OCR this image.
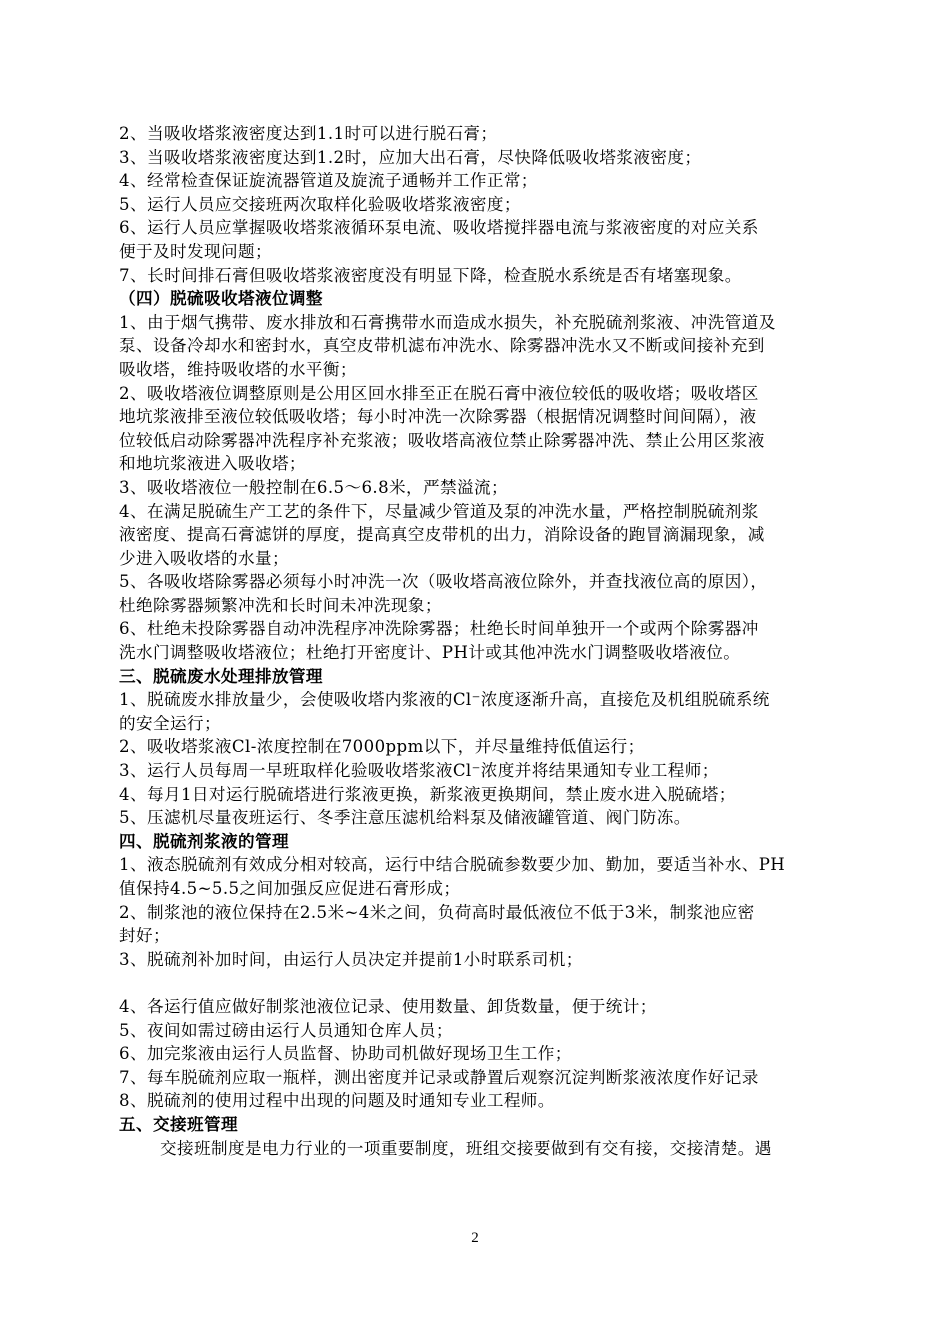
2、当吸收塔浆液密度达到1.1时可以进行脱石膏；
3、当吸收塔浆液密度达到1.2时，应加大出石膏，尽快降低吸收塔浆液密度；
4、经常检查保证旋流器管道及旋流子通畅并工作正常；
5、运行人员应交接班两次取样化验吸收塔浆液密度；
6、运行人员应掌握吸收塔浆液循环泵电流、吸收塔搅拌器电流与浆液密度的对应关系
便于及时发现问题；
7、长时间排石膏但吸收塔浆液密度没有明显下降，检查脱水系统是否有堵塞现象。
（四）脱硫吸收塔液位调整
1、由于烟气携带、废水排放和石膏携带水而造成水损失，补充脱硫剂浆液、冲洗管道及
泵、设备冷却水和密封水，真空皮带机滤布冲洗水、除雾器冲洗水又不断或间接补充到
吸收塔，维持吸收塔的水平衡；
2、吸收塔液位调整原则是公用区回水排至正在脱石膏中液位较低的吸收塔；吸收塔区
地坑浆液排至液位较低吸收塔；每小时冲洗一次除雾器（根据情况调整时间间隔），液
位较低启动除雾器冲洗程序补充浆液；吸收塔高液位禁止除雾器冲洗、禁止公用区浆液
和地坑浆液进入吸收塔；
3、吸收塔液位一般控制在6.5～6.8米，严禁溢流；
4、在满足脱硫生产工艺的条件下，尽量减少管道及泵的冲洗水量，严格控制脱硫剂浆
液密度、提高石膏滤饼的厚度，提高真空皮带机的出力，消除设备的跑冒滴漏现象，减
少进入吸收塔的水量；
5、各吸收塔除雾器必须每小时冲洗一次（吸收塔高液位除外，并查找液位高的原因），
杜绝除雾器频繁冲洗和长时间未冲洗现象；
6、杜绝未投除雾器自动冲洗程序冲洗除雾器；杜绝长时间单独开一个或两个除雾器冲
洗水门调整吸收塔液位；杜绝打开密度计、PH计或其他冲洗水门调整吸收塔液位。
三、脱硫废水处理排放管理
1、脱硫废水排放量少，会使吸收塔内浆液的Cl⁻浓度逐渐升高，直接危及机组脱硫系统
的安全运行；
2、吸收塔浆液Cl-浓度控制在7000ppm以下，并尽量维持低值运行；
3、运行人员每周一早班取样化验吸收塔浆液Cl⁻浓度并将结果通知专业工程师；
4、每月1日对运行脱硫塔进行浆液更换，新浆液更换期间，禁止废水进入脱硫塔；
5、压滤机尽量夜班运行、冬季注意压滤机给料泵及储液罐管道、阀门防冻。
四、脱硫剂浆液的管理
1、液态脱硫剂有效成分相对较高，运行中结合脱硫参数要少加、勤加，要适当补水、PH
值保持4.5~5.5之间加强反应促进石膏形成；
2、制浆池的液位保持在2.5米~4米之间，负荷高时最低液位不低于3米，制浆池应密
封好；
3、脱硫剂补加时间，由运行人员决定并提前1小时联系司机；
4、各运行值应做好制浆池液位记录、使用数量、卸货数量，便于统计；
5、夜间如需过磅由运行人员通知仓库人员；
6、加完浆液由运行人员监督、协助司机做好现场卫生工作；
7、每车脱硫剂应取一瓶样，测出密度并记录或静置后观察沉淀判断浆液浓度作好记录
8、脱硫剂的使用过程中出现的问题及时通知专业工程师。
五、交接班管理
交接班制度是电力行业的一项重要制度，班组交接要做到有交有接，交接清楚。遇
2
